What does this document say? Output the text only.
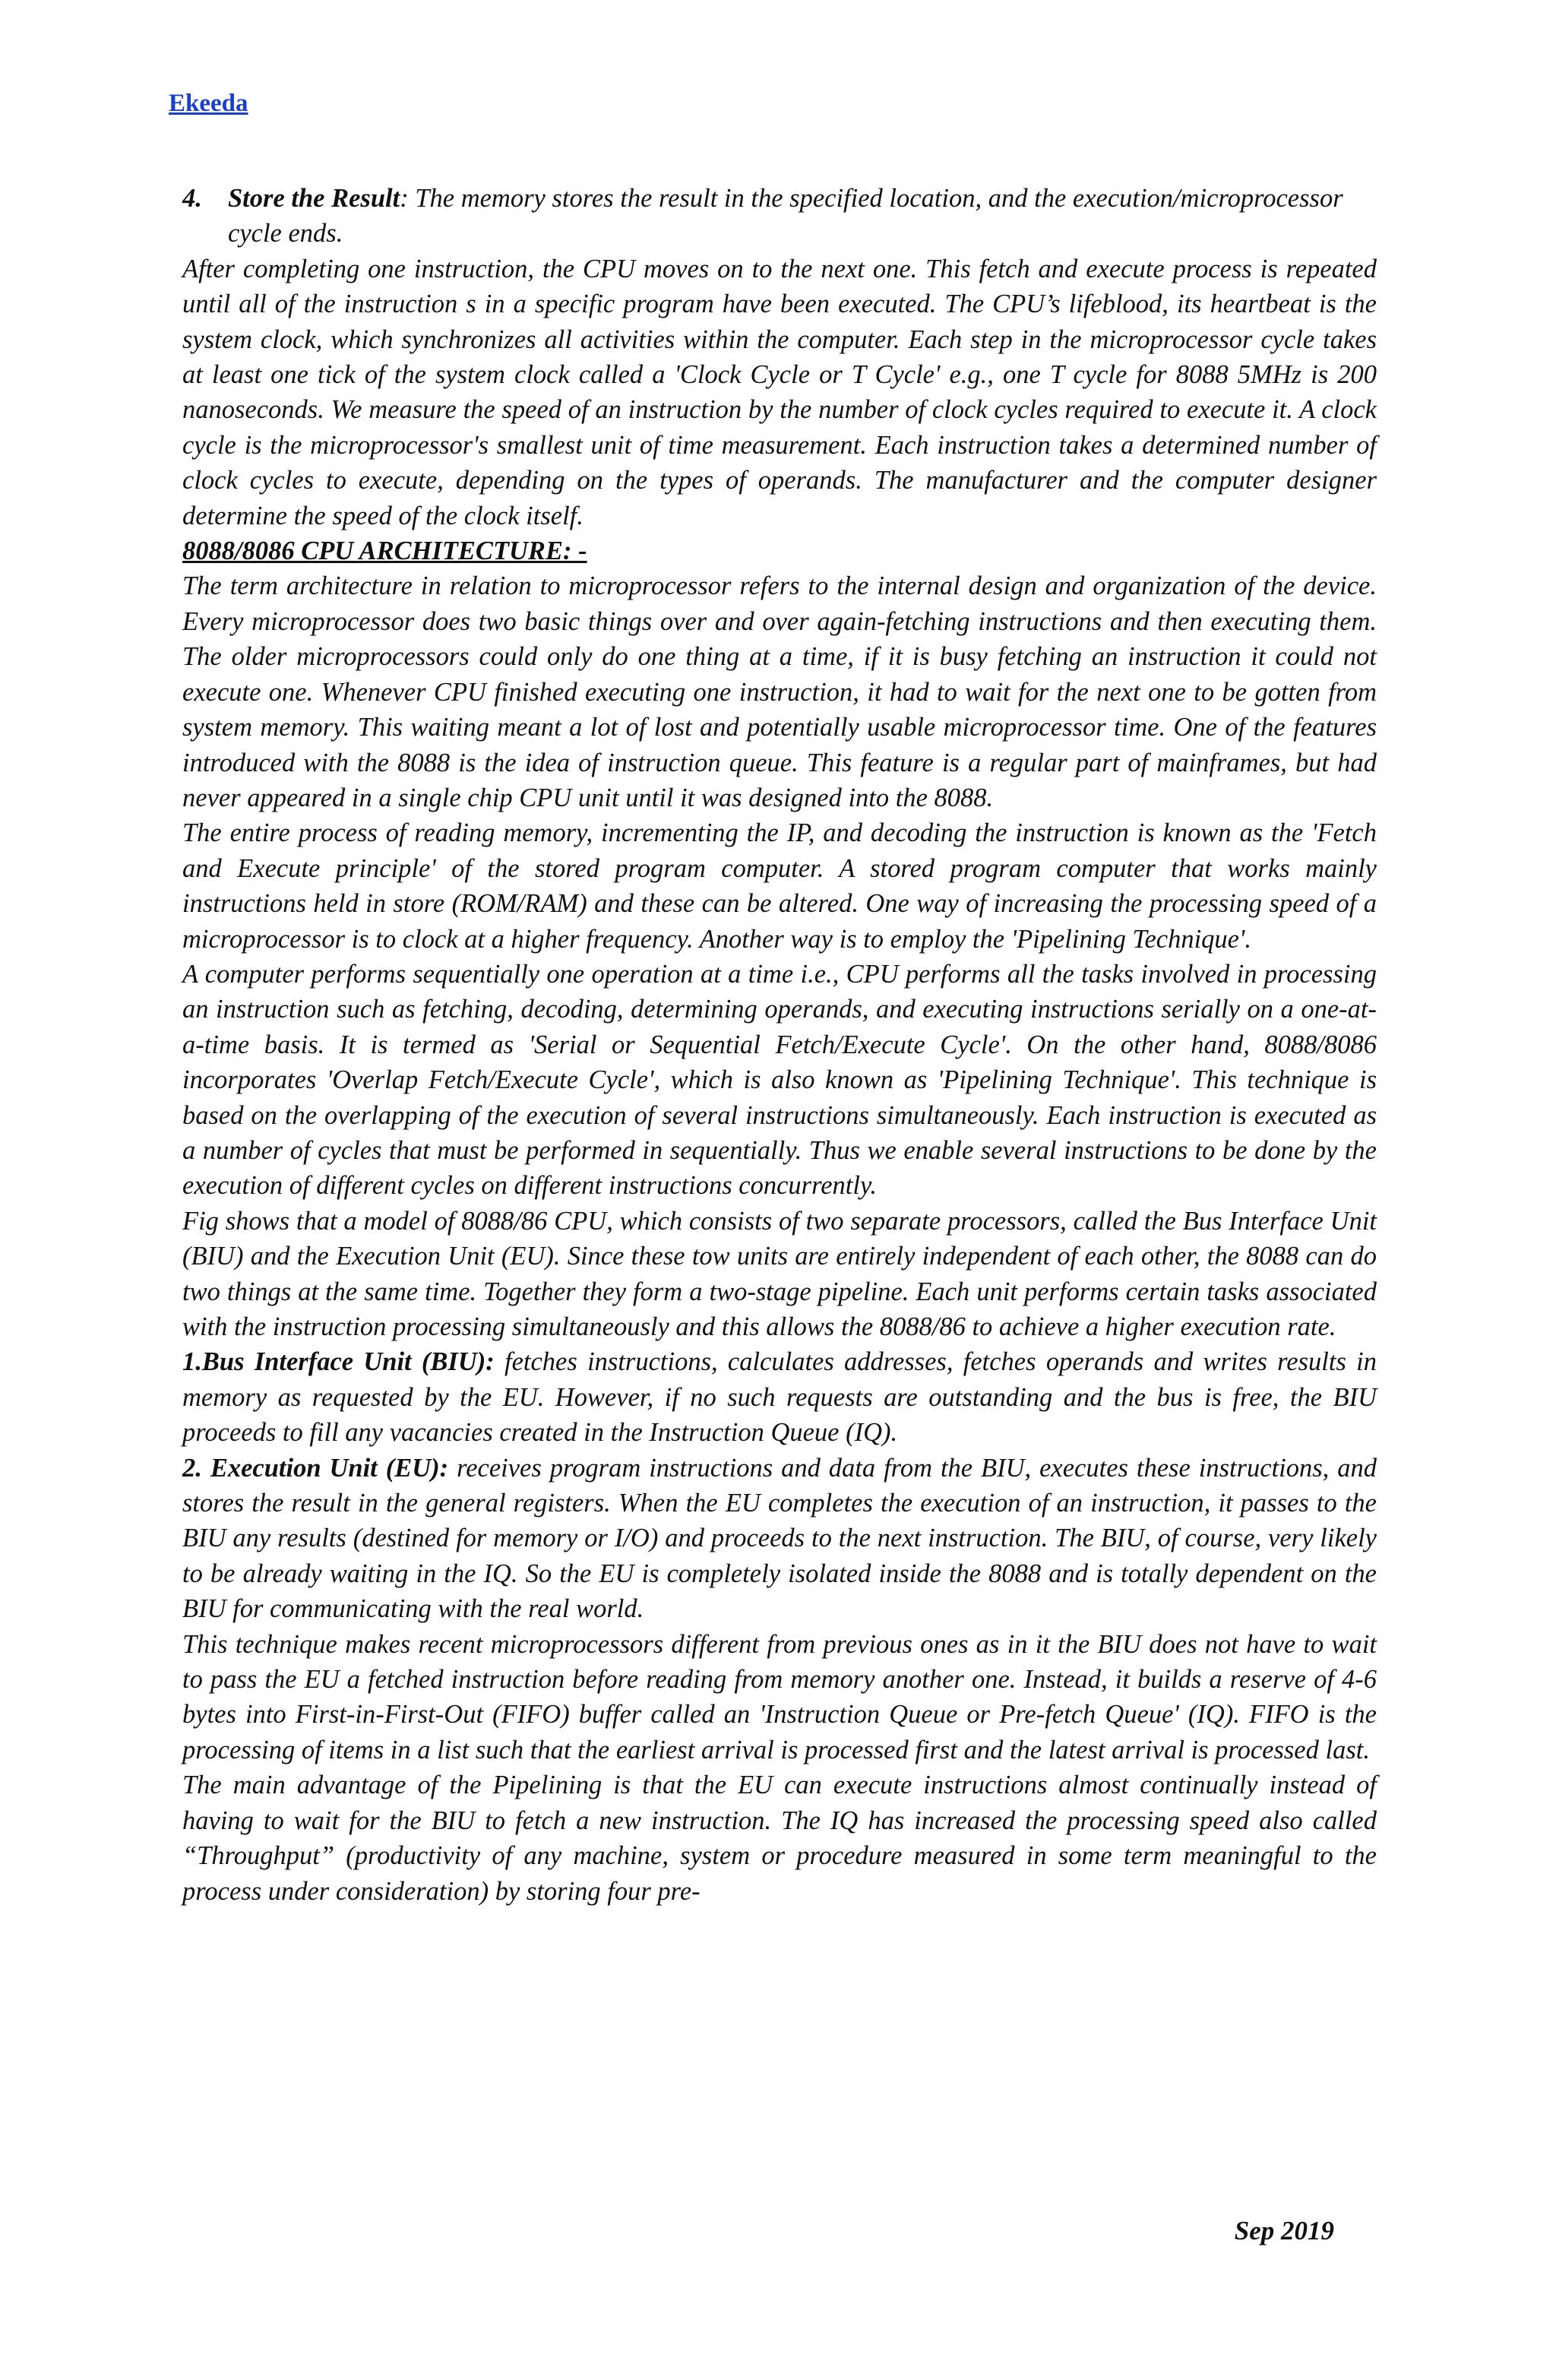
Ekeeda
4. Store the Result: The memory stores the result in the specified location, and the execution/microprocessor cycle ends.

After completing one instruction, the CPU moves on to the next one. This fetch and execute process is repeated until all of the instruction s in a specific program have been executed. The CPU’s lifeblood, its heartbeat is the system clock, which synchronizes all activities within the computer. Each step in the microprocessor cycle takes at least one tick of the system clock called a 'Clock Cycle or T Cycle' e.g., one T cycle for 8088 5MHz is 200 nanoseconds. We measure the speed of an instruction by the number of clock cycles required to execute it. A clock cycle is the microprocessor's smallest unit of time measurement. Each instruction takes a determined number of clock cycles to execute, depending on the types of operands. The manufacturer and the computer designer determine the speed of the clock itself.

8088/8086 CPU ARCHITECTURE: -

The term architecture in relation to microprocessor refers to the internal design and organization of the device. Every microprocessor does two basic things over and over again-fetching instructions and then executing them. The older microprocessors could only do one thing at a time, if it is busy fetching an instruction it could not execute one. Whenever CPU finished executing one instruction, it had to wait for the next one to be gotten from system memory. This waiting meant a lot of lost and potentially usable microprocessor time. One of the features introduced with the 8088 is the idea of instruction queue. This feature is a regular part of mainframes, but had never appeared in a single chip CPU unit until it was designed into the 8088.

The entire process of reading memory, incrementing the IP, and decoding the instruction is known as the 'Fetch and Execute principle' of the stored program computer. A stored program computer that works mainly instructions held in store (ROM/RAM) and these can be altered. One way of increasing the processing speed of a microprocessor is to clock at a higher frequency. Another way is to employ the 'Pipelining Technique'.

A computer performs sequentially one operation at a time i.e., CPU performs all the tasks involved in processing an instruction such as fetching, decoding, determining operands, and executing instructions serially on a one-at-a-time basis. It is termed as 'Serial or Sequential Fetch/Execute Cycle'. On the other hand, 8088/8086 incorporates 'Overlap Fetch/Execute Cycle', which is also known as 'Pipelining Technique'. This technique is based on the overlapping of the execution of several instructions simultaneously. Each instruction is executed as a number of cycles that must be performed in sequentially. Thus we enable several instructions to be done by the execution of different cycles on different instructions concurrently.

Fig shows that a model of 8088/86 CPU, which consists of two separate processors, called the Bus Interface Unit (BIU) and the Execution Unit (EU). Since these tow units are entirely independent of each other, the 8088 can do two things at the same time. Together they form a two-stage pipeline. Each unit performs certain tasks associated with the instruction processing simultaneously and this allows the 8088/86 to achieve a higher execution rate.

1.Bus Interface Unit (BIU): fetches instructions, calculates addresses, fetches operands and writes results in memory as requested by the EU. However, if no such requests are outstanding and the bus is free, the BIU proceeds to fill any vacancies created in the Instruction Queue (IQ).

2. Execution Unit (EU): receives program instructions and data from the BIU, executes these instructions, and stores the result in the general registers. When the EU completes the execution of an instruction, it passes to the BIU any results (destined for memory or I/O) and proceeds to the next instruction. The BIU, of course, very likely to be already waiting in the IQ. So the EU is completely isolated inside the 8088 and is totally dependent on the BIU for communicating with the real world.

This technique makes recent microprocessors different from previous ones as in it the BIU does not have to wait to pass the EU a fetched instruction before reading from memory another one. Instead, it builds a reserve of 4-6 bytes into First-in-First-Out (FIFO) buffer called an 'Instruction Queue or Pre-fetch Queue' (IQ). FIFO is the processing of items in a list such that the earliest arrival is processed first and the latest arrival is processed last.

The main advantage of the Pipelining is that the EU can execute instructions almost continually instead of having to wait for the BIU to fetch a new instruction. The IQ has increased the processing speed also called “Throughput” (productivity of any machine, system or procedure measured in some term meaningful to the process under consideration) by storing four pre-

Sep 2019
